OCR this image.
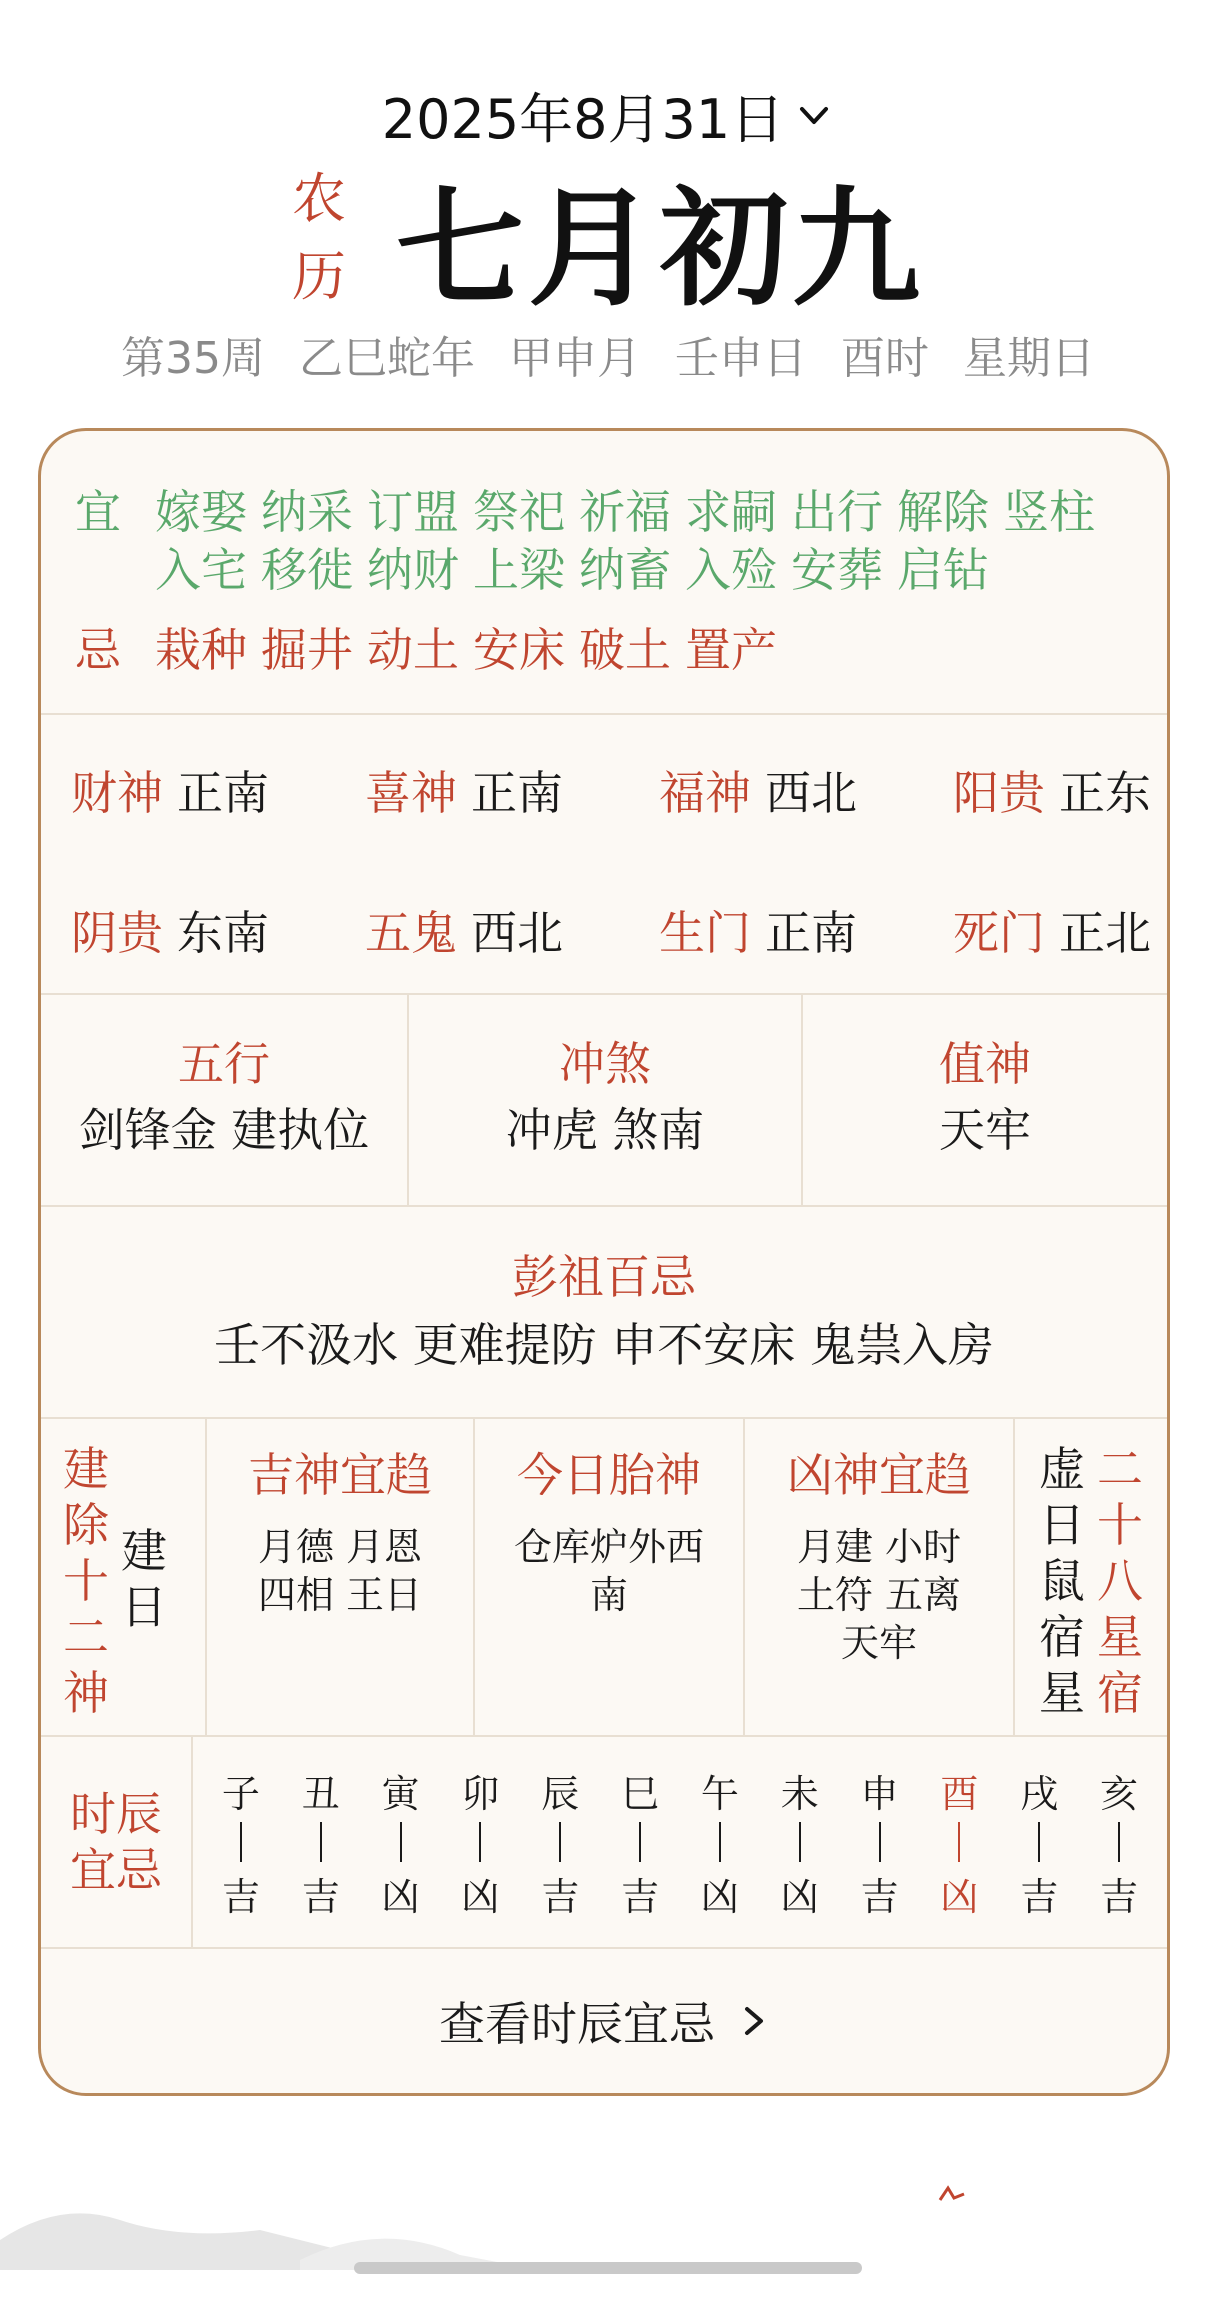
2025年8月31日
农
历 七月初九
第35周 乙巳蛇年 甲申月 壬申日 酉时 星期日
宜 嫁娶 纳采 订盟 祭祀 祈福 求嗣 出行 解除 竖柱入宅 移徙 纳财 上梁 纳畜 入殓 安葬 启钻
忌 栽种 掘井 动土 安床 破土 置产
财神 正南 喜神 正南 福神 西北 阳贵 正东
阴贵 东南 五鬼 西北 生门 正南 死门 正北
五行
剑锋金 建执位
冲煞
冲虎 煞南
值神
天牢
彭祖百忌
壬不汲水 更难提防 申不安床 鬼祟入房
建
除
十
二
神
建
日
吉神宜趋
月德 月恩
四相 王日
今日胎神
仓库炉外西
南
凶神宜趋
月建 小时
土符 五离
天牢
虚
日
鼠
宿
星
二
十
八
星
宿
时辰
宜忌
子
吉
丑
吉
寅
凶
卯
凶
辰
吉
巳
吉
午
凶
未
凶
申
吉
酉
凶
戌
吉
亥
吉
查看时辰宜忌
